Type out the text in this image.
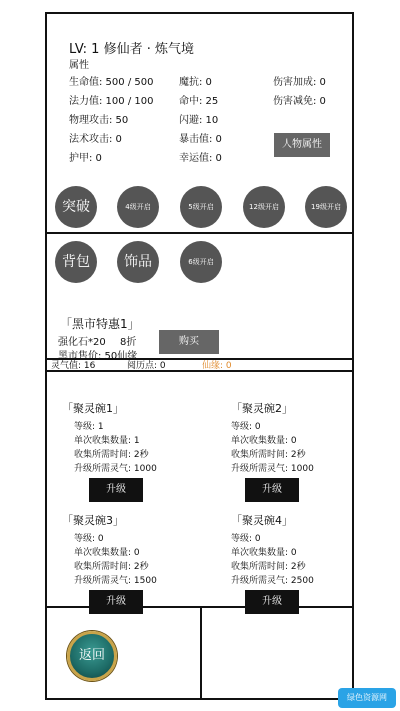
LV: 1 修仙者 · 炼气境
属性
生命值: 500 / 500
法力值: 100 / 100
物理攻击: 50
法术攻击: 0
护甲: 0
魔抗: 0
命中: 25
闪避: 10
暴击值: 0
幸运值: 0
伤害加成: 0
伤害减免: 0
人物属性
突破	4级开启	5级开启	12级开启	19级开启
背包	饰品	6级开启
「黑市特惠1」
强化石*20 8折
黑市售价: 50仙缘
购买
灵气值: 16	阅历点: 0	仙缘: 0
「聚灵碗1」
等级: 1
单次收集数量: 1
收集所需时间: 2秒
升级所需灵气: 1000
升级
「聚灵碗2」
等级: 0
单次收集数量: 0
收集所需时间: 2秒
升级所需灵气: 1000
升级
「聚灵碗3」
等级: 0
单次收集数量: 0
收集所需时间: 2秒
升级所需灵气: 1500
升级
「聚灵碗4」
等级: 0
单次收集数量: 0
收集所需时间: 2秒
升级所需灵气: 2500
升级
返回
绿色资源网
